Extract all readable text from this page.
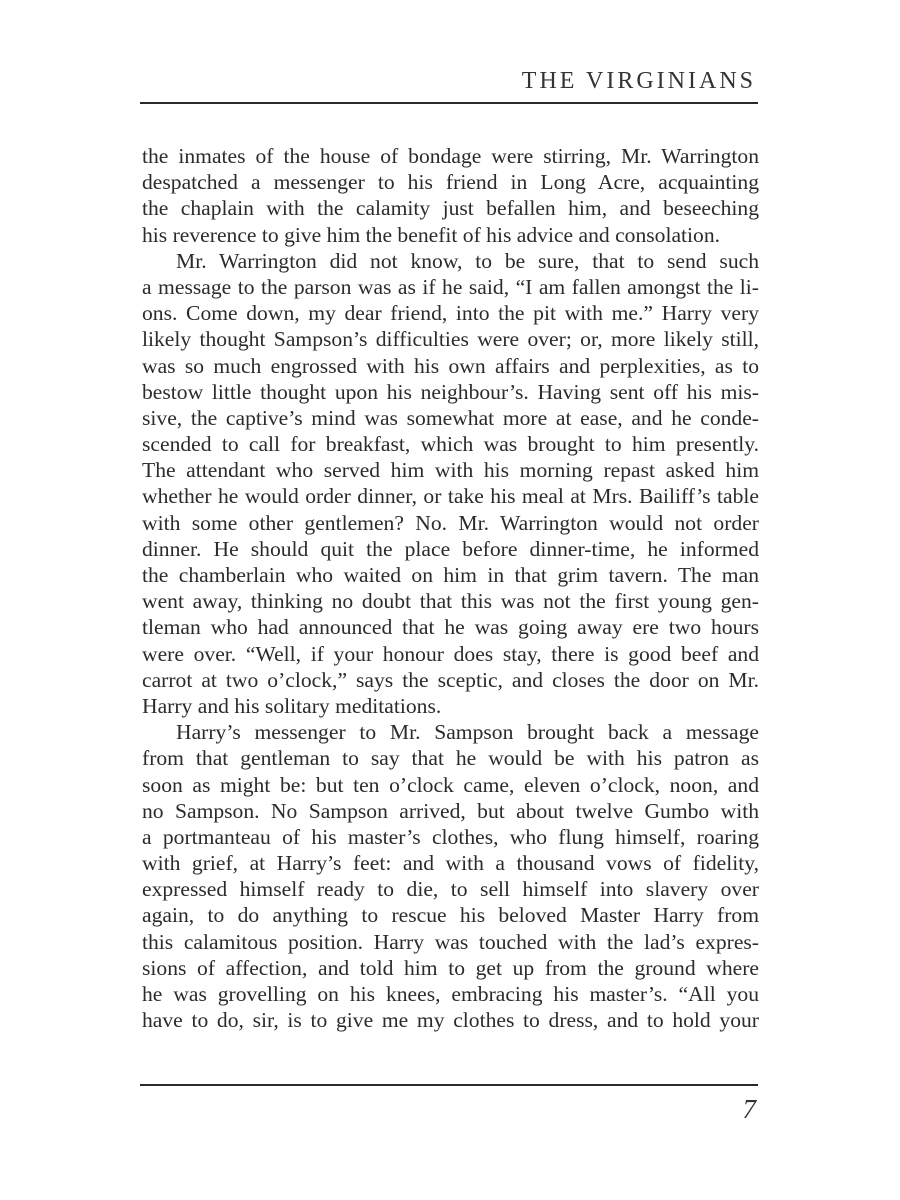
THE VIRGINIANS

the inmates of the house of bondage were stirring, Mr. Warrington
despatched a messenger to his friend in Long Acre, acquainting
the chaplain with the calamity just befallen him, and beseeching
his reverence to give him the benefit of his advice and consolation.

Mr. Warrington did not know, to be sure, that to send such
a message to the parson was as if he said, “I am fallen amongst the li-
ons. Come down, my dear friend, into the pit with me.” Harry very
likely thought Sampson’s difficulties were over; or, more likely still,
was so much engrossed with his own affairs and perplexities, as to
bestow little thought upon his neighbour’s. Having sent off his mis-
sive, the captive’s mind was somewhat more at ease, and he conde-
scended to call for breakfast, which was brought to him presently.
The attendant who served him with his morning repast asked him
whether he would order dinner, or take his meal at Mrs. Bailiff’s table
with some other gentlemen? No. Mr. Warrington would not order
dinner. He should quit the place before dinner-time, he informed
the chamberlain who waited on him in that grim tavern. The man
went away, thinking no doubt that this was not the first young gen-
tleman who had announced that he was going away ere two hours
were over. “Well, if your honour does stay, there is good beef and
carrot at two o’clock,” says the sceptic, and closes the door on Mr.
Harry and his solitary meditations.

Harry’s messenger to Mr. Sampson brought back a message
from that gentleman to say that he would be with his patron as
soon as might be: but ten o’clock came, eleven o’clock, noon, and
no Sampson. No Sampson arrived, but about twelve Gumbo with
a portmanteau of his master’s clothes, who flung himself, roaring
with grief, at Harry’s feet: and with a thousand vows of fidelity,
expressed himself ready to die, to sell himself into slavery over
again, to do anything to rescue his beloved Master Harry from
this calamitous position. Harry was touched with the lad’s expres-
sions of affection, and told him to get up from the ground where
he was grovelling on his knees, embracing his master’s. “All you
have to do, sir, is to give me my clothes to dress, and to hold your

7
